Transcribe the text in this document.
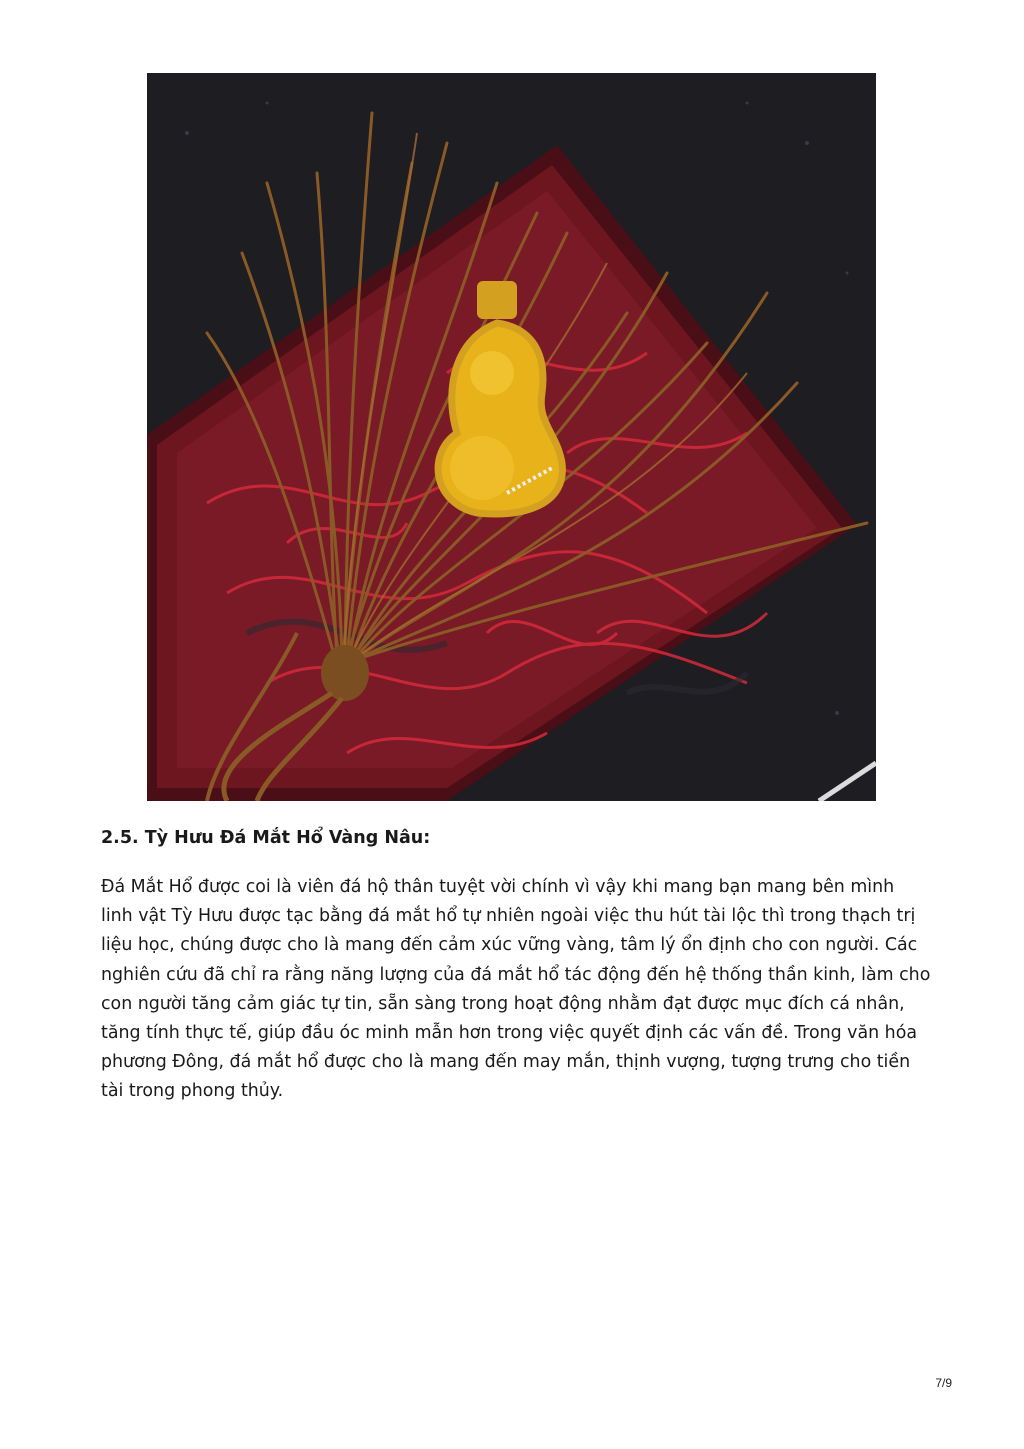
2.5. Tỳ Hưu Đá Mắt Hổ Vàng Nâu:

Đá Mắt Hổ được coi là viên đá hộ thân tuyệt vời chính vì vậy khi mang bạn mang bên mình linh vật Tỳ Hưu được tạc bằng đá mắt hổ tự nhiên ngoài việc thu hút tài lộc thì trong thạch trị liệu học, chúng được cho là mang đến cảm xúc vững vàng, tâm lý ổn định cho con người. Các nghiên cứu đã chỉ ra rằng năng lượng của đá mắt hổ tác động đến hệ thống thần kinh, làm cho con người tăng cảm giác tự tin, sẵn sàng trong hoạt động nhằm đạt được mục đích cá nhân, tăng tính thực tế, giúp đầu óc minh mẫn hơn trong việc quyết định các vấn đề. Trong văn hóa phương Đông, đá mắt hổ được cho là mang đến may mắn, thịnh vượng, tượng trưng cho tiền tài trong phong thủy.

7/9
